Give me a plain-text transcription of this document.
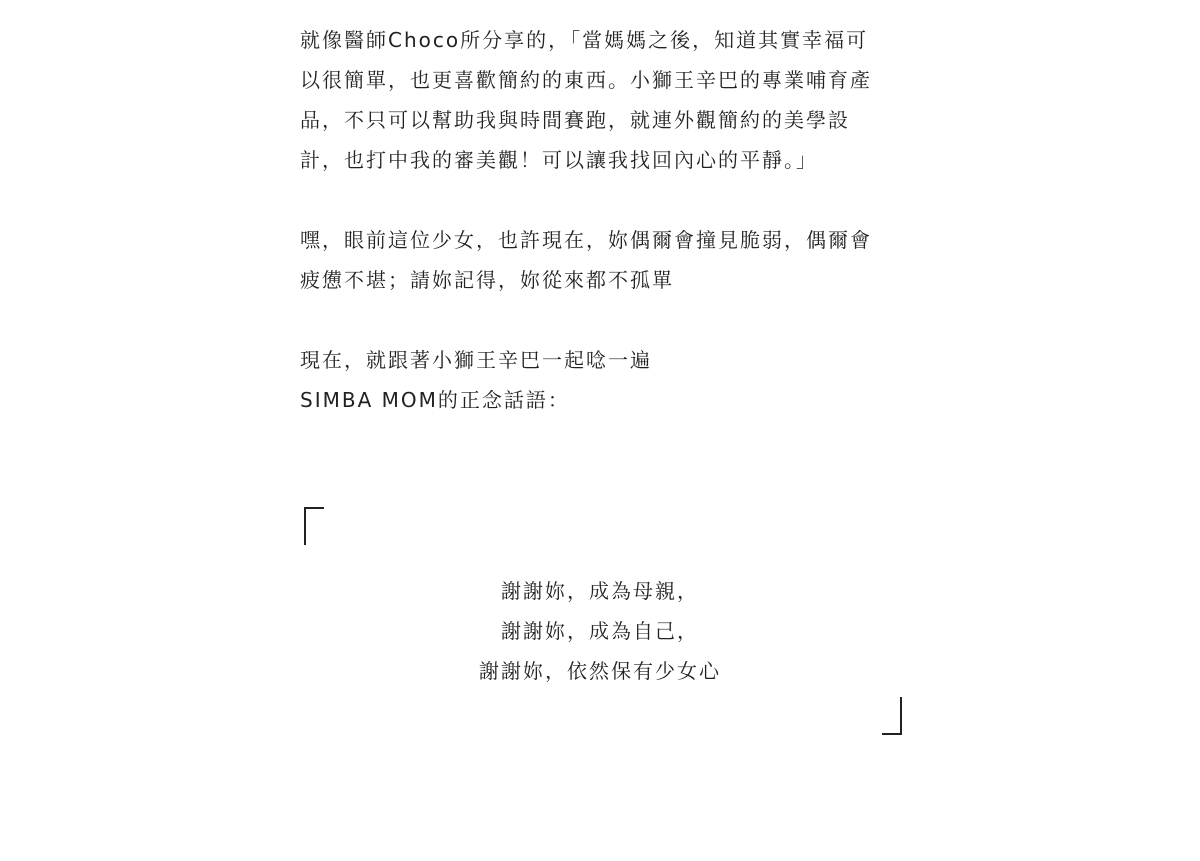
就像醫師Choco所分享的，「當媽媽之後，知道其實幸福可
以很簡單，也更喜歡簡約的東西。小獅王辛巴的專業哺育產
品，不只可以幫助我與時間賽跑，就連外觀簡約的美學設
計，也打中我的審美觀！可以讓我找回內心的平靜。」

嘿，眼前這位少女，也許現在，妳偶爾會撞見脆弱，偶爾會
疲憊不堪；請妳記得，妳從來都不孤單

現在，就跟著小獅王辛巴一起唸一遍
SIMBA MOM的正念話語：

謝謝妳，成為母親，
謝謝妳，成為自己，
謝謝妳，依然保有少女心
